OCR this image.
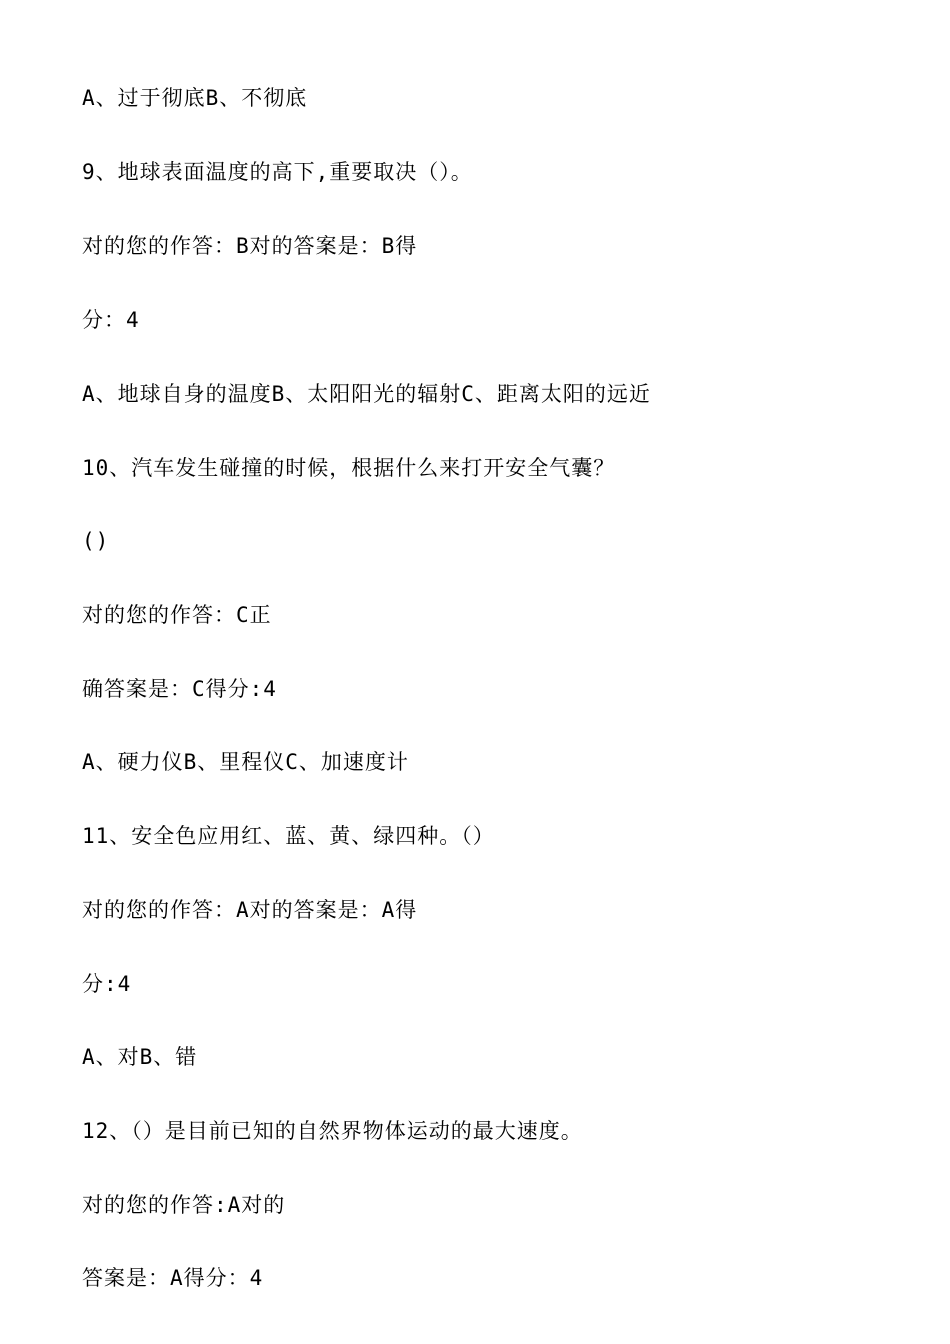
A、过于彻底B、不彻底

9、地球表面温度的高下,重要取决（）。

对的您的作答：B对的答案是：B得

分：4

A、地球自身的温度B、太阳阳光的辐射C、距离太阳的远近

10、汽车发生碰撞的时候，根据什么来打开安全气囊？

()

对的您的作答：C正

确答案是：C得分:4

A、硬力仪B、里程仪C、加速度计

11、安全色应用红、蓝、黄、绿四种。（）

对的您的作答：A对的答案是：A得

分:4

A、对B、错

12、（）是目前已知的自然界物体运动的最大速度。

对的您的作答:A对的

答案是：A得分：4
